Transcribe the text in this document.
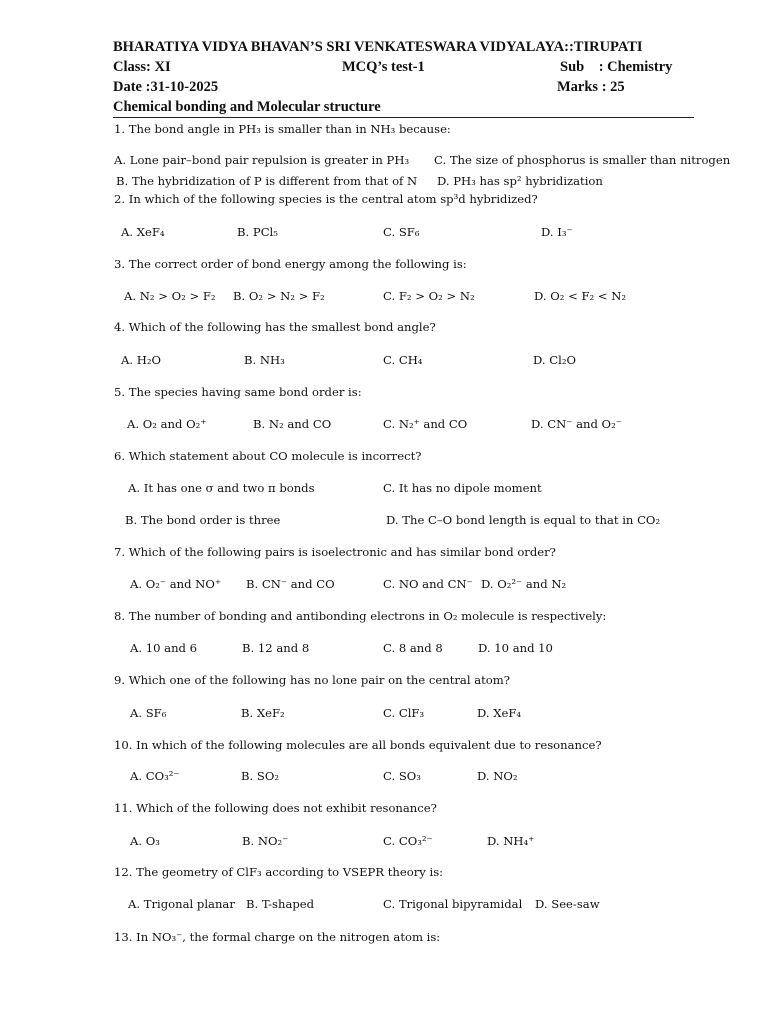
BHARATIYA VIDYA BHAVAN’S SRI VENKATESWARA VIDYALAYA::TIRUPATI
Class: XI	MCQ’s test-1	Sub    : Chemistry
Date :31-10-2025	Marks : 25
Chemical bonding and Molecular structure
1. The bond angle in PH₃ is smaller than in NH₃ because:
A. Lone pair–bond pair repulsion is greater in PH₃ C. The size of phosphorus is smaller than nitrogen
B. The hybridization of P is different from that of N D. PH₃ has sp² hybridization
2. In which of the following species is the central atom sp³d hybridized?
A. XeF₄	B. PCl₅	C. SF₆	D. I₃⁻
3. The correct order of bond energy among the following is:
A. N₂ > O₂ > F₂ B. O₂ > N₂ > F₂	C. F₂ > O₂ > N₂	D. O₂ < F₂ < N₂
4. Which of the following has the smallest bond angle?
A. H₂O	B. NH₃	C. CH₄	D. Cl₂O
5. The species having same bond order is:
A. O₂ and O₂⁺	B. N₂ and CO	C. N₂⁺ and CO	D. CN⁻ and O₂⁻
6. Which statement about CO molecule is incorrect?
A. It has one σ and two π bonds	C. It has no dipole moment
B. The bond order is three	D. The C–O bond length is equal to that in CO₂
7. Which of the following pairs is isoelectronic and has similar bond order?
A. O₂⁻ and NO⁺ B. CN⁻ and CO	C. NO and CN⁻ D. O₂²⁻ and N₂
8. The number of bonding and antibonding electrons in O₂ molecule is respectively:
A. 10 and 6	B. 12 and 8	C. 8 and 8	D. 10 and 10
9. Which one of the following has no lone pair on the central atom?
A. SF₆	B. XeF₂	C. ClF₃	D. XeF₄
10. In which of the following molecules are all bonds equivalent due to resonance?
A. CO₃²⁻	B. SO₂	C. SO₃	D. NO₂
11. Which of the following does not exhibit resonance?
A. O₃	B. NO₂⁻	C. CO₃²⁻	D. NH₄⁺
12. The geometry of ClF₃ according to VSEPR theory is:
A. Trigonal planar B. T-shaped	C. Trigonal bipyramidal D. See-saw
13. In NO₃⁻, the formal charge on the nitrogen atom is:
